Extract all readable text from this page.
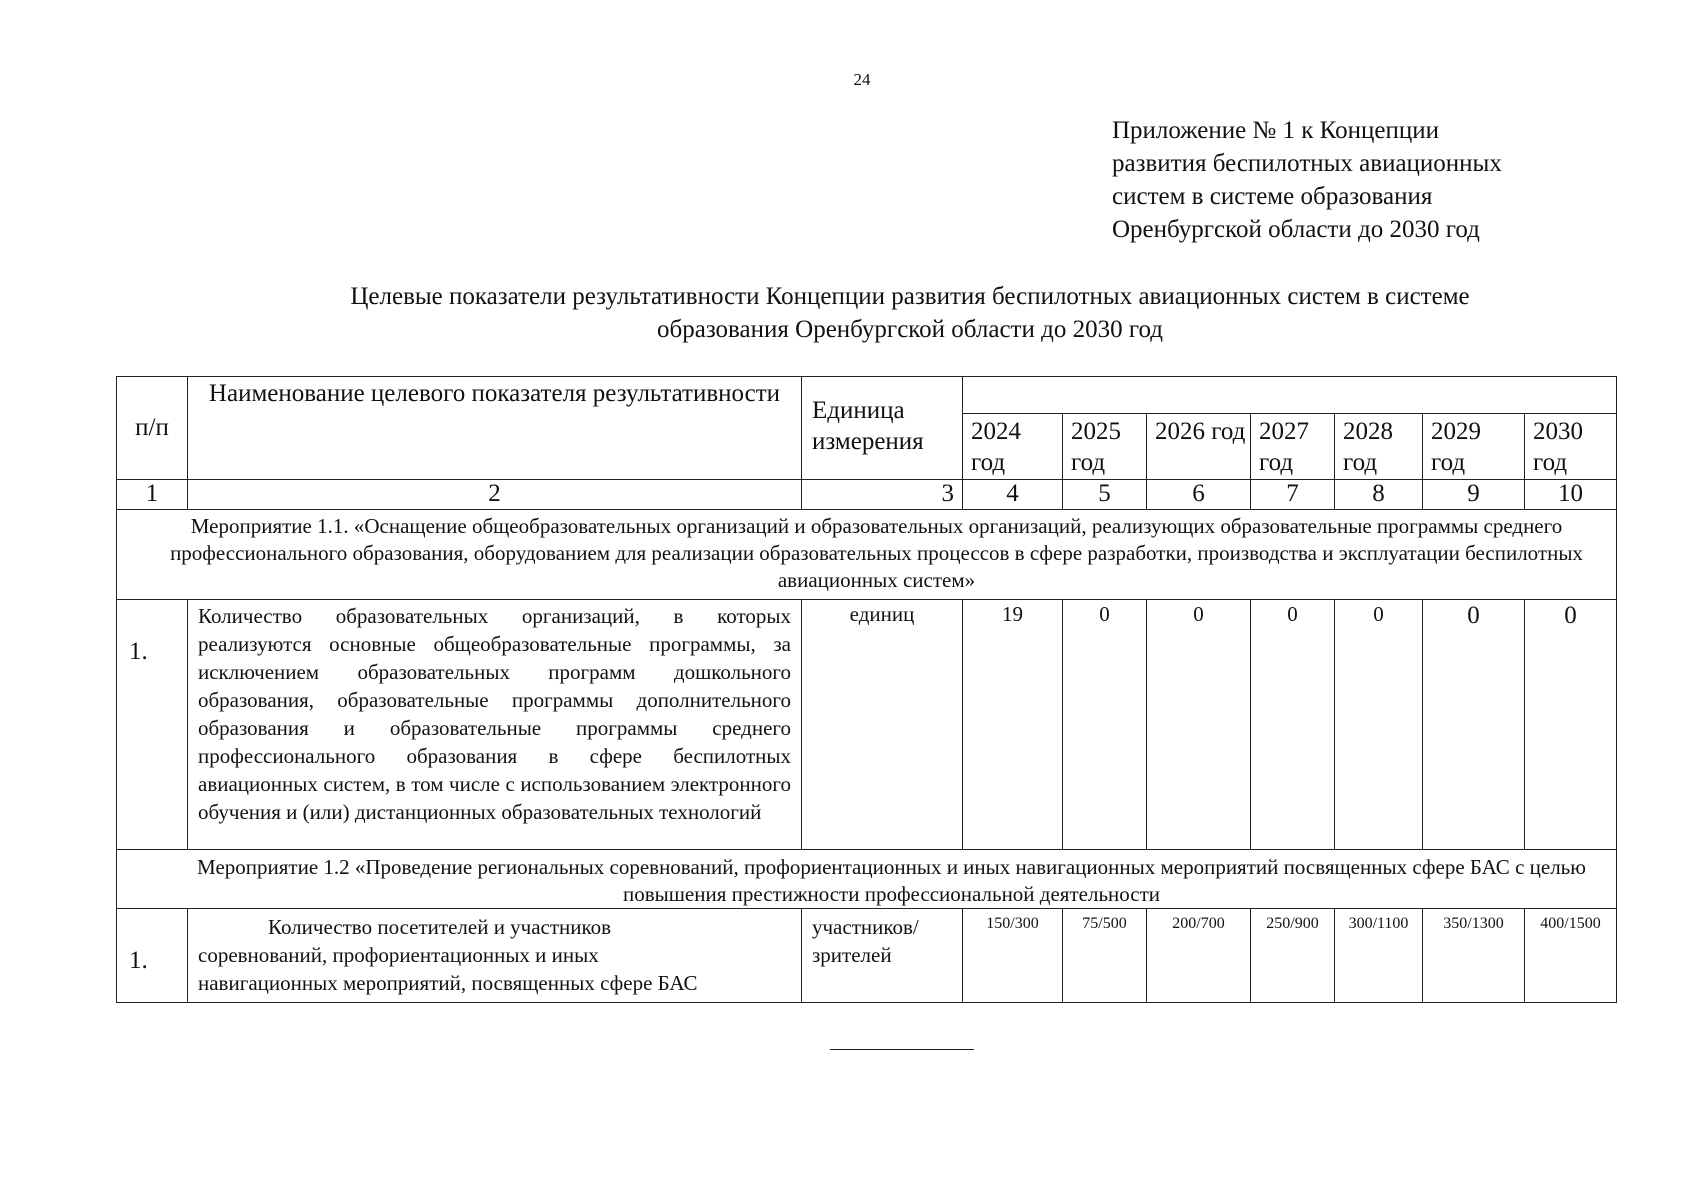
24
Приложение № 1 к Концепции
развития беспилотных авиационных
систем в системе образования
Оренбургской области до 2030 год
Целевые показатели результативности Концепции развития беспилотных авиационных систем в системе
образования Оренбургской области до 2030 год
п/п	Наименование целевого показателя результативности	Единица измерения							
			2024 год	2025 год	2026 год	2027 год	2028 год	2029 год	2030 год
1	2	3	4	5	6	7	8	9	10
Мероприятие 1.1. «Оснащение общеобразовательных организаций и образовательных организаций, реализующих образовательные программы среднего профессионального образования, оборудованием для реализации образовательных процессов в сфере разработки, производства и эксплуатации беспилотных авиационных систем»									
1.	Количество образовательных организаций, в которых реализуются основные общеобразовательные программы, за исключением образовательных программ дошкольного образования, образовательные программы дополнительного образования и образовательные программы среднего профессионального образования в сфере беспилотных авиационных систем, в том числе с использованием электронного обучения и (или) дистанционных образовательных технологий	единиц	19	0	0	0	0	0	0
Мероприятие 1.2 «Проведение региональных соревнований, профориентационных и иных навигационных мероприятий посвященных сфере БАС с целью повышения престижности профессиональной деятельности									
1.	Количество посетителей и участников
соревнований, профориентационных и иных
навигационных мероприятий, посвященных сфере БАС	участников/ зрителей	150/300	75/500	200/700	250/900	300/1100	350/1300	400/1500
